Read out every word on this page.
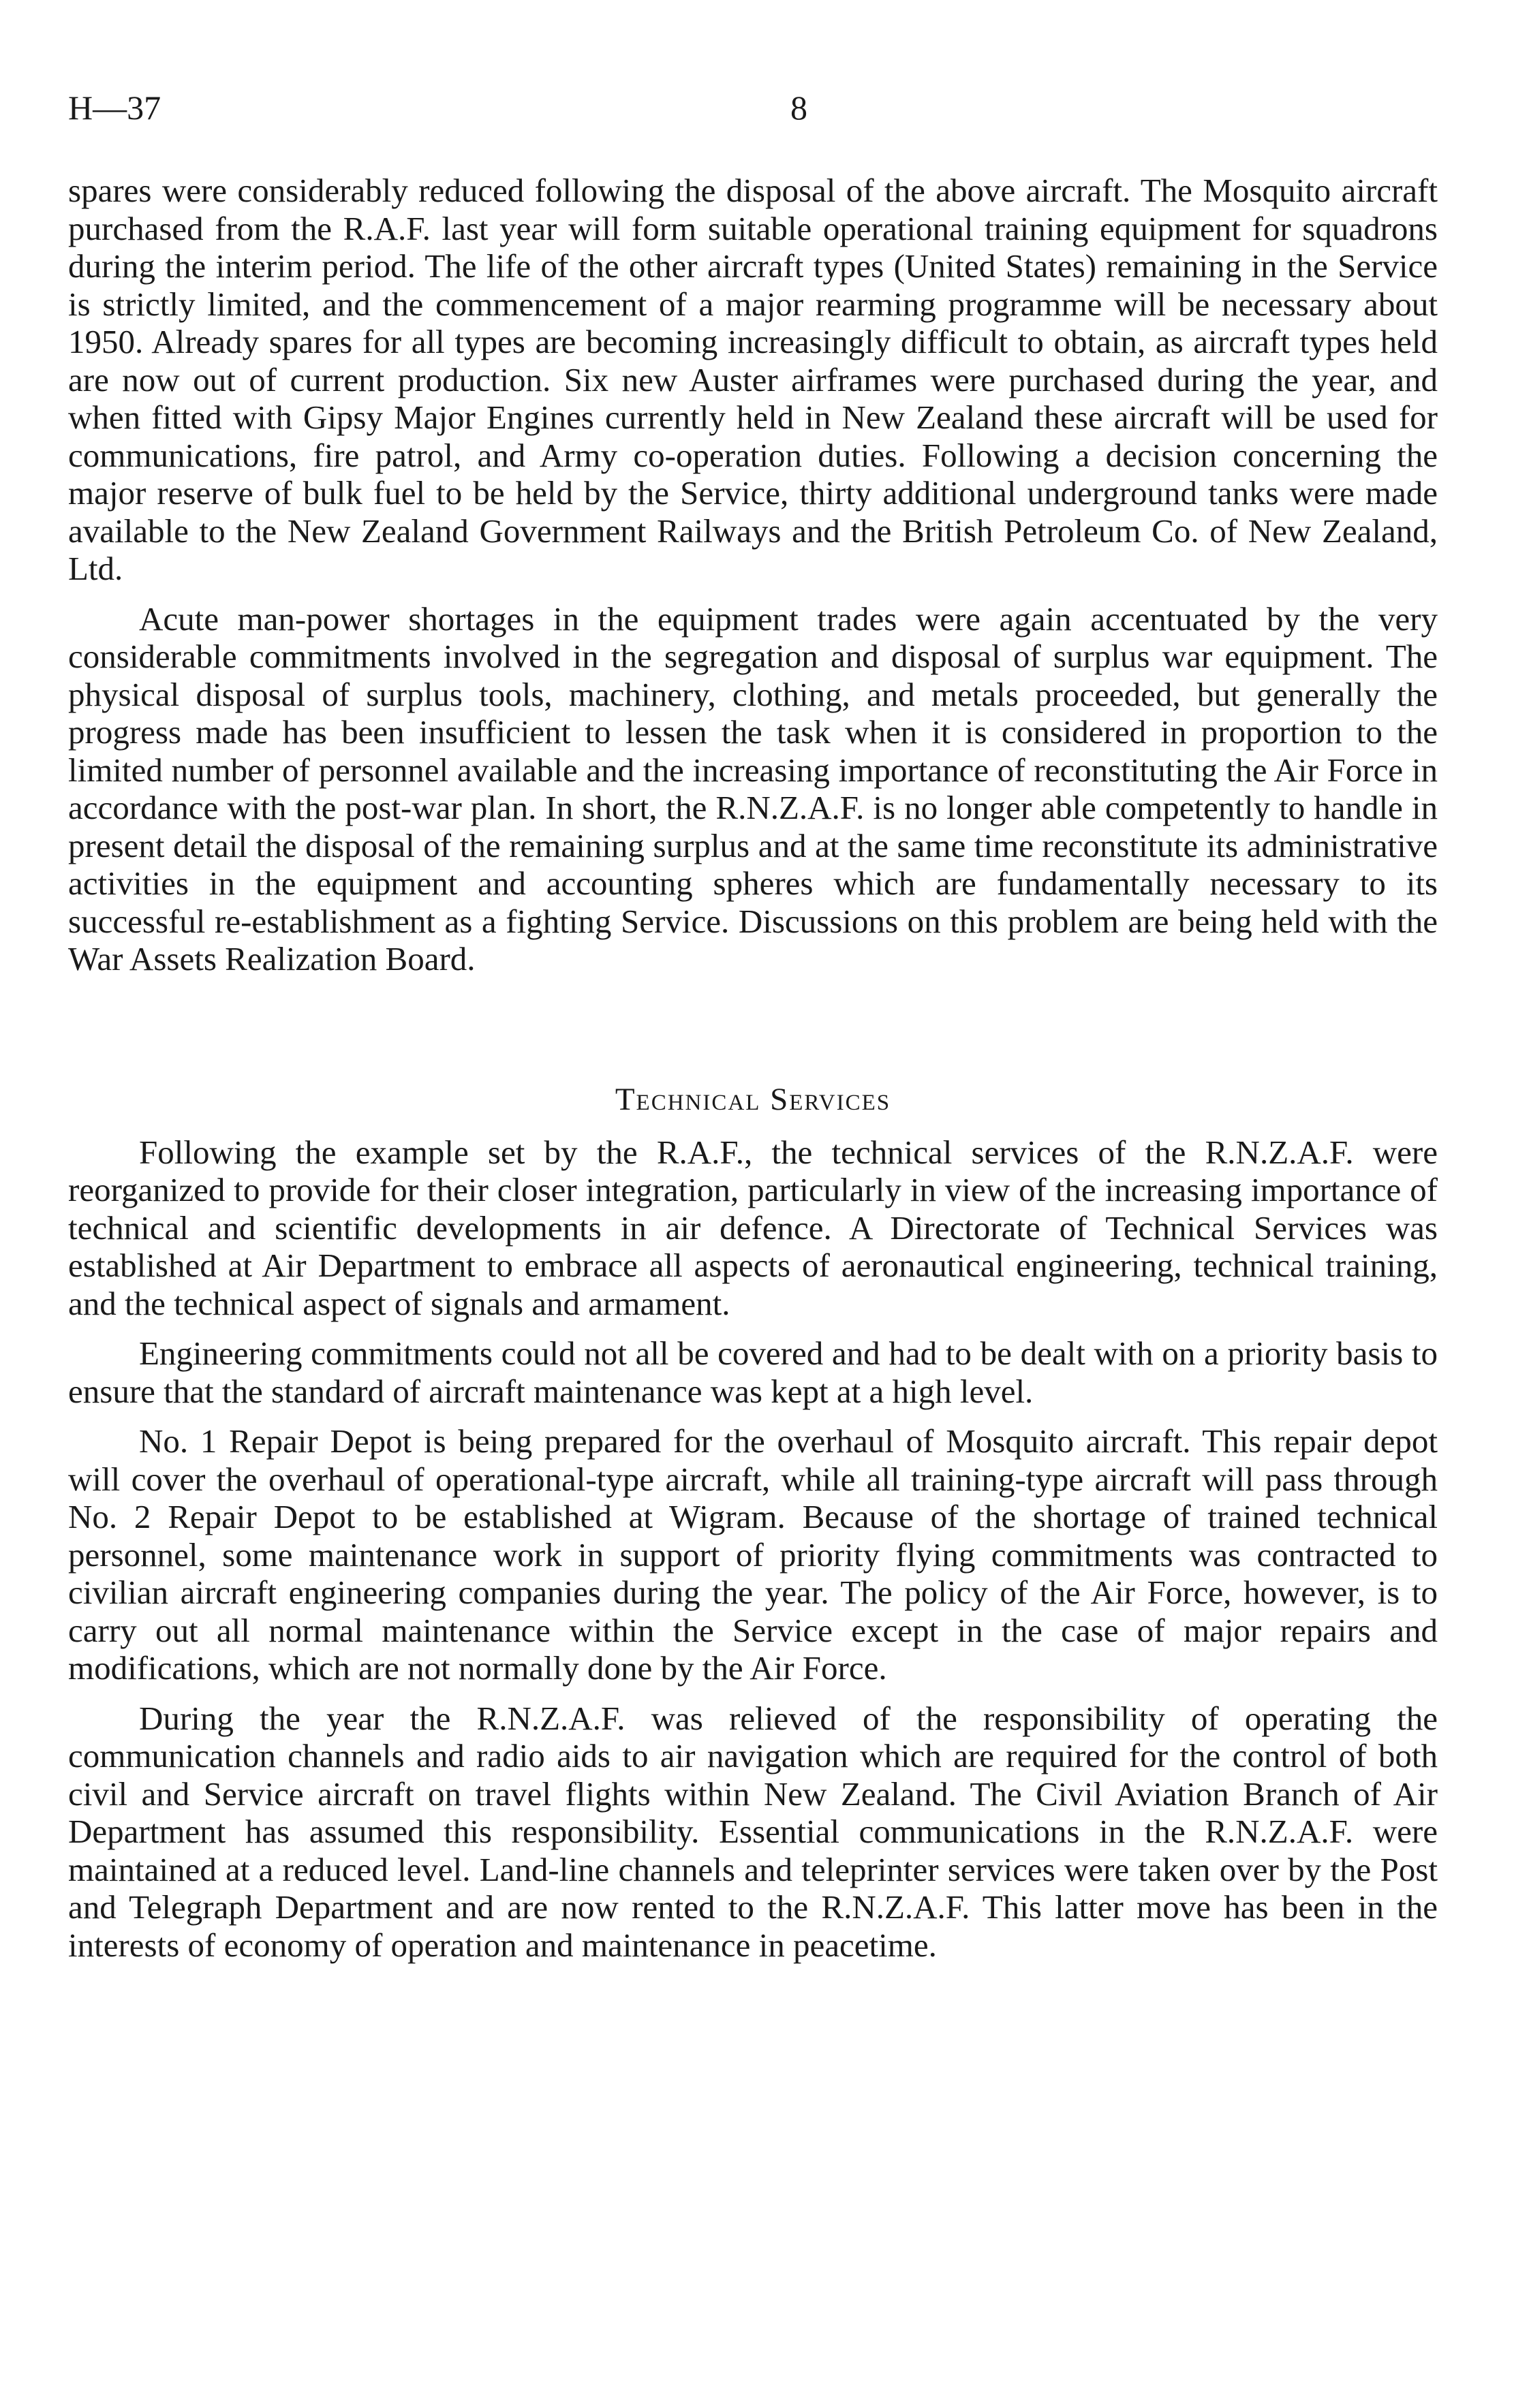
H—37	8

spares were considerably reduced following the disposal of the above aircraft. The Mosquito aircraft purchased from the R.A.F. last year will form suitable operational training equipment for squadrons during the interim period. The life of the other aircraft types (United States) remaining in the Service is strictly limited, and the commencement of a major rearming programme will be necessary about 1950. Already spares for all types are becoming increasingly difficult to obtain, as aircraft types held are now out of current production. Six new Auster airframes were purchased during the year, and when fitted with Gipsy Major Engines currently held in New Zealand these aircraft will be used for communications, fire patrol, and Army co-operation duties. Following a decision concerning the major reserve of bulk fuel to be held by the Service, thirty additional underground tanks were made available to the New Zealand Government Railways and the British Petroleum Co. of New Zealand, Ltd.

Acute man-power shortages in the equipment trades were again accentuated by the very considerable commitments involved in the segregation and disposal of surplus war equipment. The physical disposal of surplus tools, machinery, clothing, and metals proceeded, but generally the progress made has been insufficient to lessen the task when it is considered in proportion to the limited number of personnel available and the increasing importance of reconstituting the Air Force in accordance with the post-war plan. In short, the R.N.Z.A.F. is no longer able competently to handle in present detail the disposal of the remaining surplus and at the same time reconstitute its administrative activities in the equipment and accounting spheres which are fundamentally necessary to its successful re-establishment as a fighting Service. Discussions on this problem are being held with the War Assets Realization Board.

Technical Services

Following the example set by the R.A.F., the technical services of the R.N.Z.A.F. were reorganized to provide for their closer integration, particularly in view of the increasing importance of technical and scientific developments in air defence. A Directorate of Technical Services was established at Air Department to embrace all aspects of aeronautical engineering, technical training, and the technical aspect of signals and armament.

Engineering commitments could not all be covered and had to be dealt with on a priority basis to ensure that the standard of aircraft maintenance was kept at a high level.

No. 1 Repair Depot is being prepared for the overhaul of Mosquito aircraft. This repair depot will cover the overhaul of operational-type aircraft, while all training-type aircraft will pass through No. 2 Repair Depot to be established at Wigram. Because of the shortage of trained technical personnel, some maintenance work in support of priority flying commitments was contracted to civilian aircraft engineering companies during the year. The policy of the Air Force, however, is to carry out all normal maintenance within the Service except in the case of major repairs and modifications, which are not normally done by the Air Force.

During the year the R.N.Z.A.F. was relieved of the responsibility of operating the communication channels and radio aids to air navigation which are required for the control of both civil and Service aircraft on travel flights within New Zealand. The Civil Aviation Branch of Air Department has assumed this responsibility. Essential communications in the R.N.Z.A.F. were maintained at a reduced level. Land-line channels and teleprinter services were taken over by the Post and Telegraph Department and are now rented to the R.N.Z.A.F. This latter move has been in the interests of economy of operation and maintenance in peacetime.
